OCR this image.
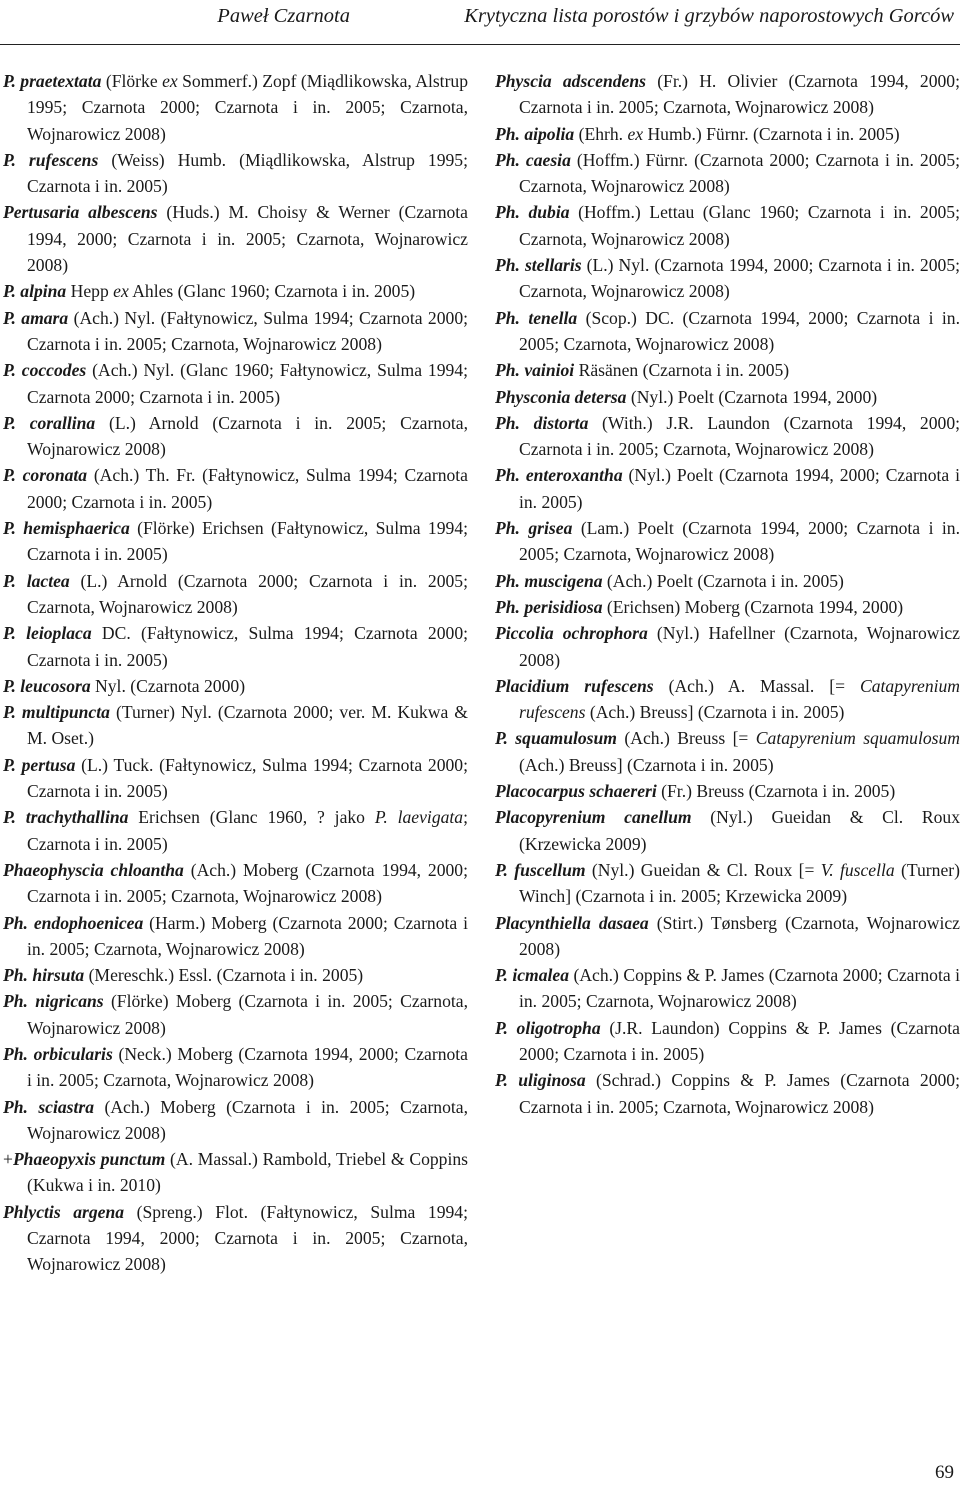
Paweł Czarnota	Krytyczna lista porostów i grzybów naporostowych Gorców

P. praetextata (Flörke ex Sommerf.) Zopf (Miądlikowska, Alstrup 1995; Czarnota 2000; Czarnota i in. 2005; Czarnota, Wojnarowicz 2008)

P. rufescens (Weiss) Humb. (Miądlikowska, Alstrup 1995; Czarnota i in. 2005)

Pertusaria albescens (Huds.) M. Choisy & Werner (Czarnota 1994, 2000; Czarnota i in. 2005; Czarnota, Wojnarowicz 2008)

P. alpina Hepp ex Ahles (Glanc 1960; Czarnota i in. 2005)

P. amara (Ach.) Nyl. (Fałtynowicz, Sulma 1994; Czarnota 2000; Czarnota i in. 2005; Czarnota, Wojnarowicz 2008)

P. coccodes (Ach.) Nyl. (Glanc 1960; Fałtynowicz, Sulma 1994; Czarnota 2000; Czarnota i in. 2005)

P. corallina (L.) Arnold (Czarnota i in. 2005; Czarnota, Wojnarowicz 2008)

P. coronata (Ach.) Th. Fr. (Fałtynowicz, Sulma 1994; Czarnota 2000; Czarnota i in. 2005)

P. hemisphaerica (Flörke) Erichsen (Fałtynowicz, Sulma 1994; Czarnota i in. 2005)

P. lactea (L.) Arnold (Czarnota 2000; Czarnota i in. 2005; Czarnota, Wojnarowicz 2008)

P. leioplaca DC. (Fałtynowicz, Sulma 1994; Czarnota 2000; Czarnota i in. 2005)

P. leucosora Nyl. (Czarnota 2000)

P. multipuncta (Turner) Nyl. (Czarnota 2000; ver. M. Kukwa & M. Oset.)

P. pertusa (L.) Tuck. (Fałtynowicz, Sulma 1994; Czarnota 2000; Czarnota i in. 2005)

P. trachythallina Erichsen (Glanc 1960, ? jako P. laevigata; Czarnota i in. 2005)

Phaeophyscia chloantha (Ach.) Moberg (Czarnota 1994, 2000; Czarnota i in. 2005; Czarnota, Wojnarowicz 2008)

Ph. endophoenicea (Harm.) Moberg (Czarnota 2000; Czarnota i in. 2005; Czarnota, Wojnarowicz 2008)

Ph. hirsuta (Mereschk.) Essl. (Czarnota i in. 2005)

Ph. nigricans (Flörke) Moberg (Czarnota i in. 2005; Czarnota, Wojnarowicz 2008)

Ph. orbicularis (Neck.) Moberg (Czarnota 1994, 2000; Czarnota i in. 2005; Czarnota, Wojnarowicz 2008)

Ph. sciastra (Ach.) Moberg (Czarnota i in. 2005; Czarnota, Wojnarowicz 2008)

+Phaeopyxis punctum (A. Massal.) Rambold, Triebel & Coppins (Kukwa i in. 2010)

Phlyctis argena (Spreng.) Flot. (Fałtynowicz, Sulma 1994; Czarnota 1994, 2000; Czarnota i in. 2005; Czarnota, Wojnarowicz 2008)

Physcia adscendens (Fr.) H. Olivier (Czarnota 1994, 2000; Czarnota i in. 2005; Czarnota, Wojnarowicz 2008)

Ph. aipolia (Ehrh. ex Humb.) Fürnr. (Czarnota i in. 2005)

Ph. caesia (Hoffm.) Fürnr. (Czarnota 2000; Czarnota i in. 2005; Czarnota, Wojnarowicz 2008)

Ph. dubia (Hoffm.) Lettau (Glanc 1960; Czarnota i in. 2005; Czarnota, Wojnarowicz 2008)

Ph. stellaris (L.) Nyl. (Czarnota 1994, 2000; Czarnota i in. 2005; Czarnota, Wojnarowicz 2008)

Ph. tenella (Scop.) DC. (Czarnota 1994, 2000; Czarnota i in. 2005; Czarnota, Wojnarowicz 2008)

Ph. vainioi Räsänen (Czarnota i in. 2005)

Physconia detersa (Nyl.) Poelt (Czarnota 1994, 2000)

Ph. distorta (With.) J.R. Laundon (Czarnota 1994, 2000; Czarnota i in. 2005; Czarnota, Wojnarowicz 2008)

Ph. enteroxantha (Nyl.) Poelt (Czarnota 1994, 2000; Czarnota i in. 2005)

Ph. grisea (Lam.) Poelt (Czarnota 1994, 2000; Czarnota i in. 2005; Czarnota, Wojnarowicz 2008)

Ph. muscigena (Ach.) Poelt (Czarnota i in. 2005)

Ph. perisidiosa (Erichsen) Moberg (Czarnota 1994, 2000)

Piccolia ochrophora (Nyl.) Hafellner (Czarnota, Wojnarowicz 2008)

Placidium rufescens (Ach.) A. Massal. [= Catapyrenium rufescens (Ach.) Breuss] (Czarnota i in. 2005)

P. squamulosum (Ach.) Breuss [= Catapyrenium squamulosum (Ach.) Breuss] (Czarnota i in. 2005)

Placocarpus schaereri (Fr.) Breuss (Czarnota i in. 2005)

Placopyrenium canellum (Nyl.) Gueidan & Cl. Roux (Krzewicka 2009)

P. fuscellum (Nyl.) Gueidan & Cl. Roux [= V. fuscella (Turner) Winch] (Czarnota i in. 2005; Krzewicka 2009)

Placynthiella dasaea (Stirt.) Tønsberg (Czarnota, Wojnarowicz 2008)

P. icmalea (Ach.) Coppins & P. James (Czarnota 2000; Czarnota i in. 2005; Czarnota, Wojnarowicz 2008)

P. oligotropha (J.R. Laundon) Coppins & P. James (Czarnota 2000; Czarnota i in. 2005)

P. uliginosa (Schrad.) Coppins & P. James (Czarnota 2000; Czarnota i in. 2005; Czarnota, Wojnarowicz 2008)

69
